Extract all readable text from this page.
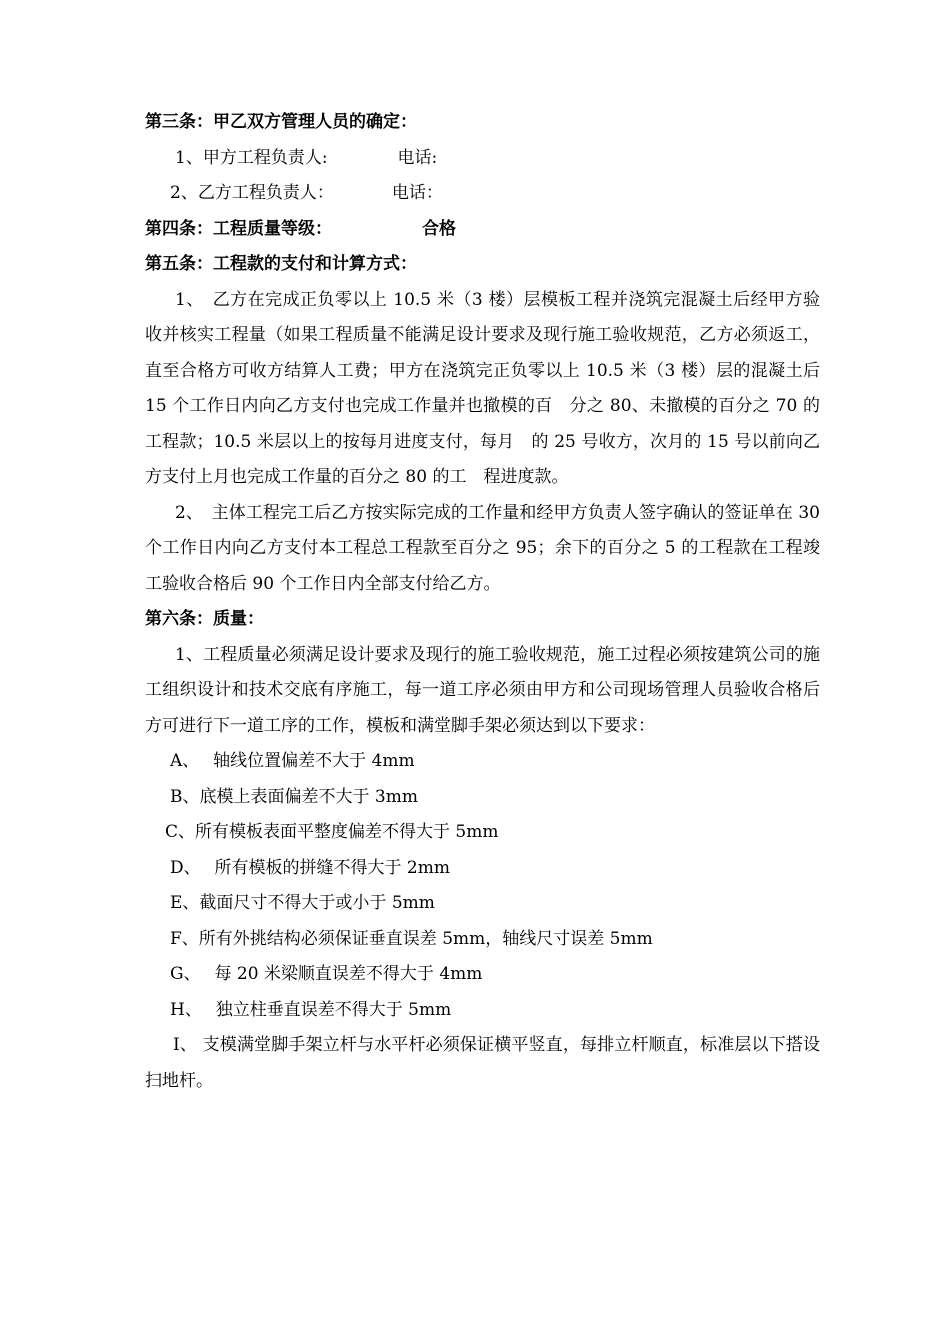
第三条：甲乙双方管理人员的确定：
1、甲方工程负责人:	电话:
2、乙方工程负责人：	电话：
第四条：工程质量等级：	合格
第五条：工程款的支付和计算方式：
1、　乙方在完成正负零以上 10.5 米（3 楼）层模板工程并浇筑完混凝土后经甲方验收并核实工程量（如果工程质量不能满足设计要求及现行施工验收规范，乙方必须返工，直至合格方可收方结算人工费；甲方在浇筑完正负零以上 10.5 米（3 楼）层的混凝土后 15 个工作日内向乙方支付也完成工作量并也撤模的百　分之 80、未撤模的百分之 70 的工程款；10.5 米层以上的按每月进度支付，每月　的 25 号收方，次月的 15 号以前向乙方支付上月也完成工作量的百分之 80 的工　程进度款。
2、　主体工程完工后乙方按实际完成的工作量和经甲方负责人签字确认的签证单在 30 个工作日内向乙方支付本工程总工程款至百分之 95；余下的百分之 5 的工程款在工程竣工验收合格后 90 个工作日内全部支付给乙方。
第六条：质量：
1、工程质量必须满足设计要求及现行的施工验收规范，施工过程必须按建筑公司的施工组织设计和技术交底有序施工，每一道工序必须由甲方和公司现场管理人员验收合格后方可进行下一道工序的工作，模板和满堂脚手架必须达到以下要求：
A、　 轴线位置偏差不大于 4mm
B、底模上表面偏差不大于 3mm
C、所有模板表面平整度偏差不得大于 5mm
D、　 所有模板的拼缝不得大于 2mm
E、截面尺寸不得大于或小于 5mm
F、所有外挑结构必须保证垂直误差 5mm，轴线尺寸误差 5mm
G、　 每 20 米梁顺直误差不得大于 4mm
H、　 独立柱垂直误差不得大于 5mm
I、 支模满堂脚手架立杆与水平杆必须保证横平竖直，每排立杆顺直，标准层以下搭设扫地杆。
